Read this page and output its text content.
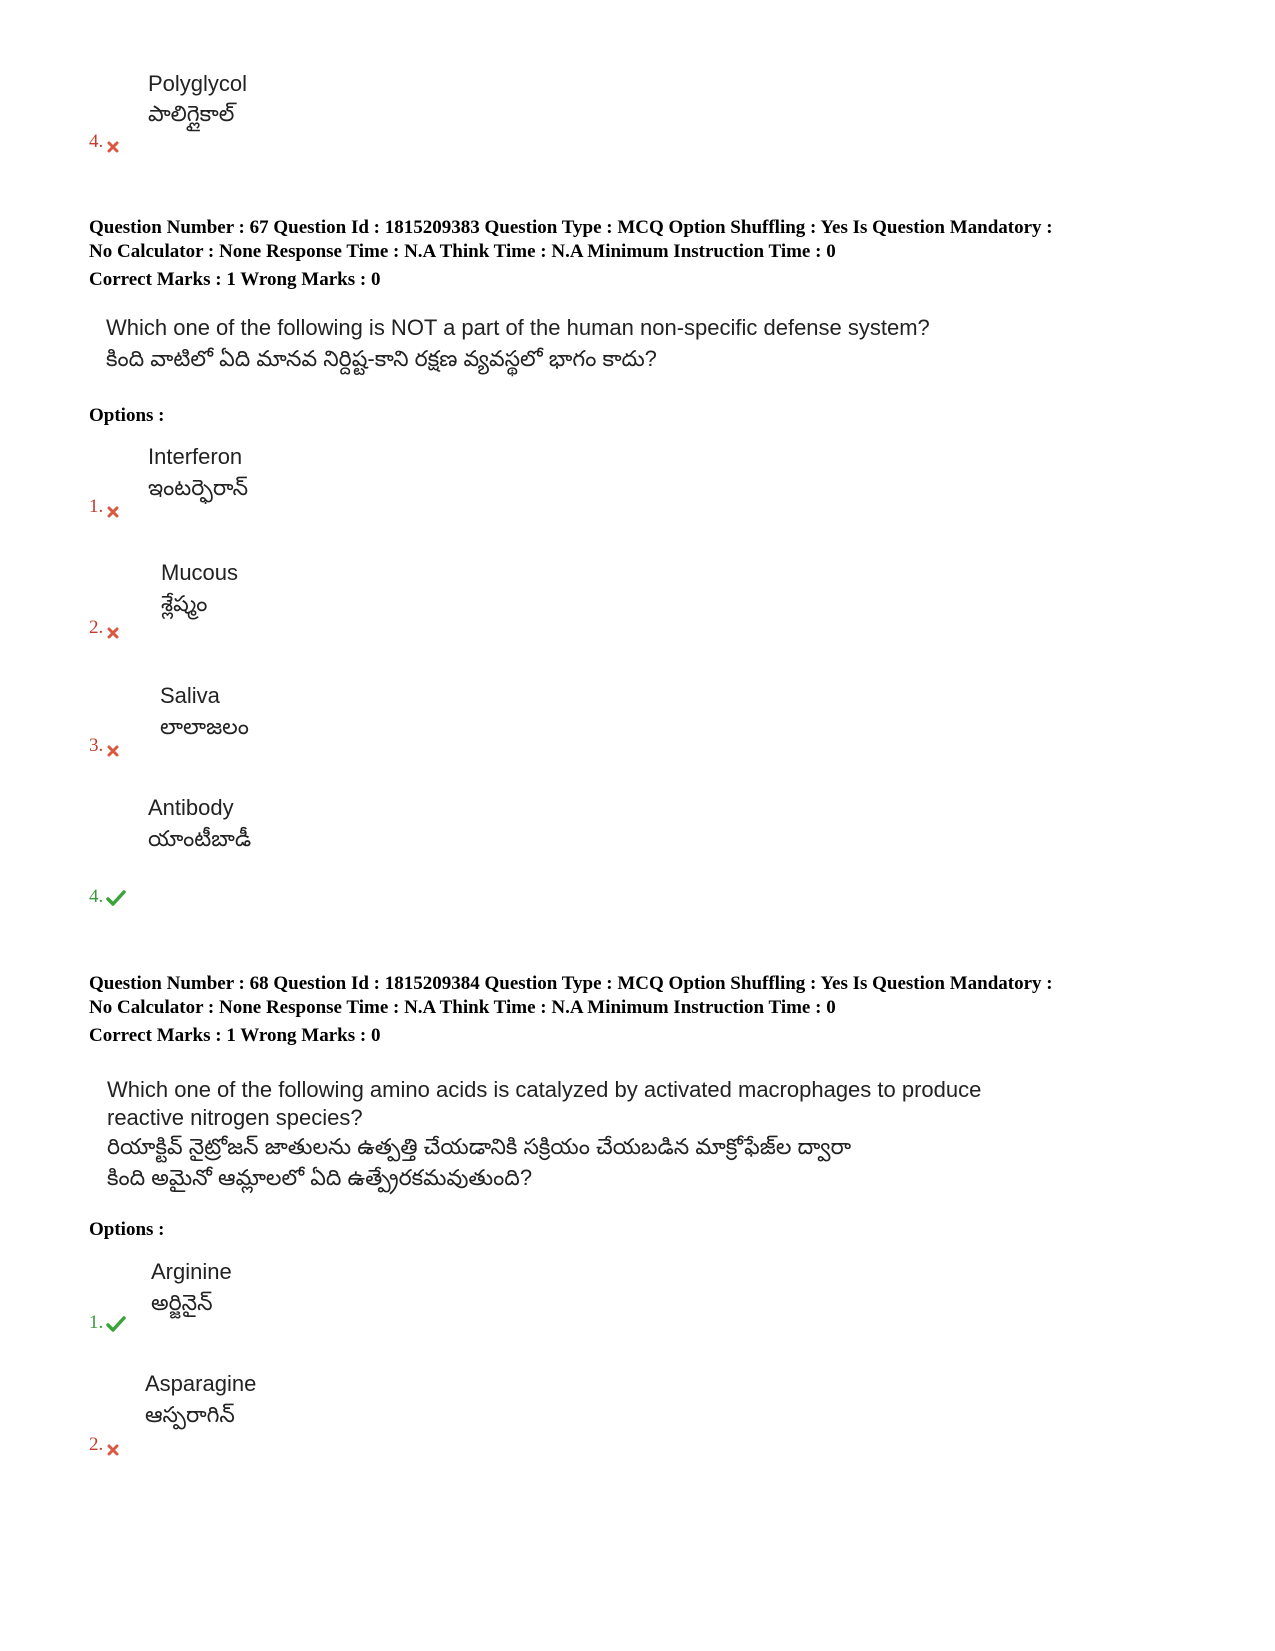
Polyglycol
పాలిగ్లైకాల్
4.
Question Number : 67 Question Id : 1815209383 Question Type : MCQ Option Shuffling : Yes Is Question Mandatory :
No Calculator : None Response Time : N.A Think Time : N.A Minimum Instruction Time : 0
Correct Marks : 1 Wrong Marks : 0
Which one of the following is NOT a part of the human non-specific defense system?
కింది వాటిలో ఏది మానవ నిర్దిష్ట-కాని రక్షణ వ్యవస్థలో భాగం కాదు?
Options :
Interferon
ఇంటర్ఫెరాన్
1.
Mucous
శ్లేష్మం
2.
Saliva
లాలాజలం
3.
Antibody
యాంటీబాడీ
4.
Question Number : 68 Question Id : 1815209384 Question Type : MCQ Option Shuffling : Yes Is Question Mandatory :
No Calculator : None Response Time : N.A Think Time : N.A Minimum Instruction Time : 0
Correct Marks : 1 Wrong Marks : 0
Which one of the following amino acids is catalyzed by activated macrophages to produce
reactive nitrogen species?
రియాక్టివ్ నైట్రోజన్ జాతులను ఉత్పత్తి చేయడానికి సక్రియం చేయబడిన మాక్రోఫేజ్‌ల ద్వారా
కింది అమైనో ఆమ్లాలలో ఏది ఉత్ప్రేరకమవుతుంది?
Options :
Arginine
అర్జినైన్
1.
Asparagine
ఆస్పరాగిన్
2.
